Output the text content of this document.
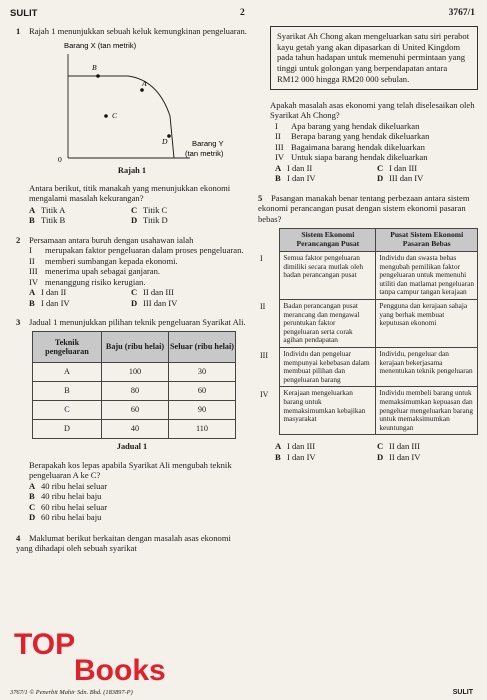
SULIT	2	3767/1

1 Rajah 1 menunjukkan sebuah keluk kemungkinan pengeluaran.

Barang X (tan metrik)
B
A
C
D	Barang Y
(tan metrik)
0
Rajah 1

Antara berikut, titik manakah yang menunjukkan ekonomi mengalami masalah kekurangan?

A Titik A	C Titik C
B Titik B	D Titik D

2 Persamaan antara buruh dengan usahawan ialah

I	merupakan faktor pengeluaran dalam proses pengeluaran.
II	memberi sumbangan kepada ekonomi.
III menerima upah sebagai ganjaran.
IV menanggung risiko kerugian.
A I dan II	C II dan III
B I dan IV	D III dan IV

3 Jadual 1 menunjukkan pilihan teknik pengeluaran Syarikat Ali.

Teknik pengeluaran	Baju (ribu helai)	Seluar (ribu helai)
A	100	30
B	80	60
C	60	90
D	40	110
Jadual 1

Berapakah kos lepas apabila Syarikat Ali mengubah teknik pengeluaran A ke C?

A 40 ribu helai seluar
B 40 ribu helai baju
C 60 ribu helai seluar
D 60 ribu helai baju

4 Maklumat berikut berkaitan dengan masalah asas ekonomi yang dihadapi oleh sebuah syarikat

Syarikat Ah Chong akan mengeluarkan satu siri perabot kayu getah yang akan dipasarkan di United Kingdom pada tahun hadapan untuk memenuhi permintaan yang tinggi untuk golongan yang berpendapatan antara RM12 000 hingga RM20 000 sebulan.

Apakah masalah asas ekonomi yang telah diselesaikan oleh Syarikat Ah Chong?

I	Apa barang yang hendak dikeluarkan
II	Berapa barang yang hendak dikeluarkan
III Bagaimana barang hendak dikeluarkan
IV Untuk siapa barang hendak dikeluarkan
A I dan II	C I dan III
B I dan IV	D III dan IV

5 Pasangan manakah benar tentang perbezaan antara sistem ekonomi perancangan pusat dengan sistem ekonomi pasaran bebas?

	Sistem Ekonomi Perancangan Pusat	Pusat Sistem Ekonomi Pasaran Bebas
I	Semua faktor pengeluaran dimiliki secara mutlak oleh badan perancangan pusat	Individu dan swasta bebas mengubah pemilikan faktor pengeluaran untuk memenuhi utiliti dan matlamat pengeluaran tanpa campur tangan kerajaan
II	Badan perancangan pusat merancang dan mengawal peruntukan faktor pengeluaran serta corak agihan pendapatan	Pengguna dan kerajaan sahaja yang berhak membuat keputusan ekonomi
III	Individu dan pengeluar mempunyai kebebasan dalam membuat pilihan dan pengeluaran barang	Individu, pengeluar dan kerajaan bekerjasama menentukan teknik pengeluaran
IV	Kerajaan mengeluarkan barang untuk memaksimumkan kebajikan masyarakat	Individu membeli barang untuk memaksimumkan kepuasan dan pengeluar mengeluarkan barang untuk memaksimumkan keuntungan
A I dan III	C II dan III
B I dan IV	D II dan IV
TOP
Books
3767/1 © Penerbit Mahir Sdn. Bhd. (183897-P)	SULIT
